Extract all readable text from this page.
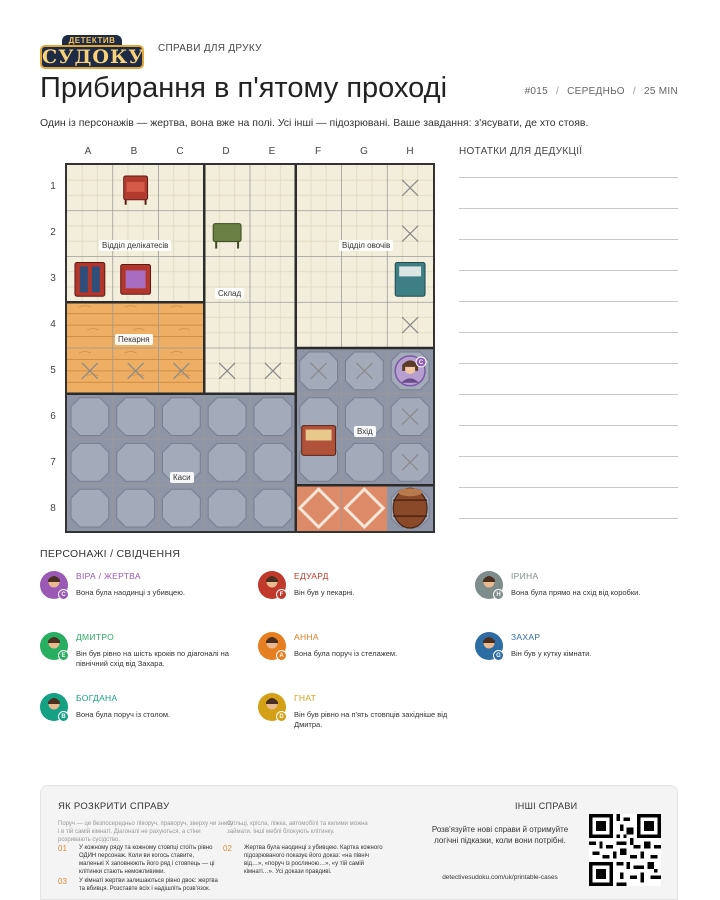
ДЕТЕКТИВ
СУДОКУ СПРАВИ ДЛЯ ДРУКУ
Прибирання в п'ятому проході	#015 / СЕРЕДНЬО / 25 MIN

Один із персонажів — жертва, вона вже на полі. Усі інші — підозрювані. Ваше завдання: з'ясувати, де хто стояв.

A	B	C	D	E	F	G	H
1
2
3
4
5
6
7
8
C
Відділ делікатесів	Відділ овочів
Склад
Пекарня
Вхід
Каси
НОТАТКИ ДЛЯ ДЕДУКЦІЇ
ПЕРСОНАЖІ / СВІДЧЕННЯ
C
ВІРА / ЖЕРТВА
Вона була наодинці з убивцею.	F
ЕДУАРД
Він був у пекарні.	H
ІРИНА
Вона була прямо на схід від коробки.
E
ДМИТРО
Він був рівно на шість кроків по діагоналі на північний схід від Захара.
A
АННА
Вона була поруч із стелажем.	G
ЗАХАР
Він був у кутку кімнати.
B
БОГДАНА
Вона була поруч із столом.	D
ГНАТ
Він був рівно на п'ять стовпців західніше від Дмитра.
ЯК РОЗКРИТИ СПРАВУ
Поруч — це безпосередньо ліворуч, праворуч, зверху чи знизу і в тій самій кімнаті. Діагоналі не рахуються, а стіни розривають сусідство.
Стільці, крісла, ліжка, автомобілі та килими можна займати. Інші меблі блокують клітинку.
01 У кожному ряду та кожному стовпці стоїть рівно ОДИН персонаж. Коли ви когось ставите, маленькі X заповнюють його ряд і стовпець — ці клітинки стають неможливими.
02 Жертва була наодинці з убивцею. Картка кожного підозрюваного показує його доказ: «на північ від…», «поруч із рослиною…», «у тій самій кімнаті…». Усі докази правдиві.
03 У кімнаті жертви залишаються рівно двоє: жертва та вбивця. Розставте всіх і надішліть розв'язок.
ІНШІ СПРАВИ
Розв'язуйте нові справи й отримуйте логічні підказки, коли вони потрібні.
detectivesudoku.com/uk/printable-cases
